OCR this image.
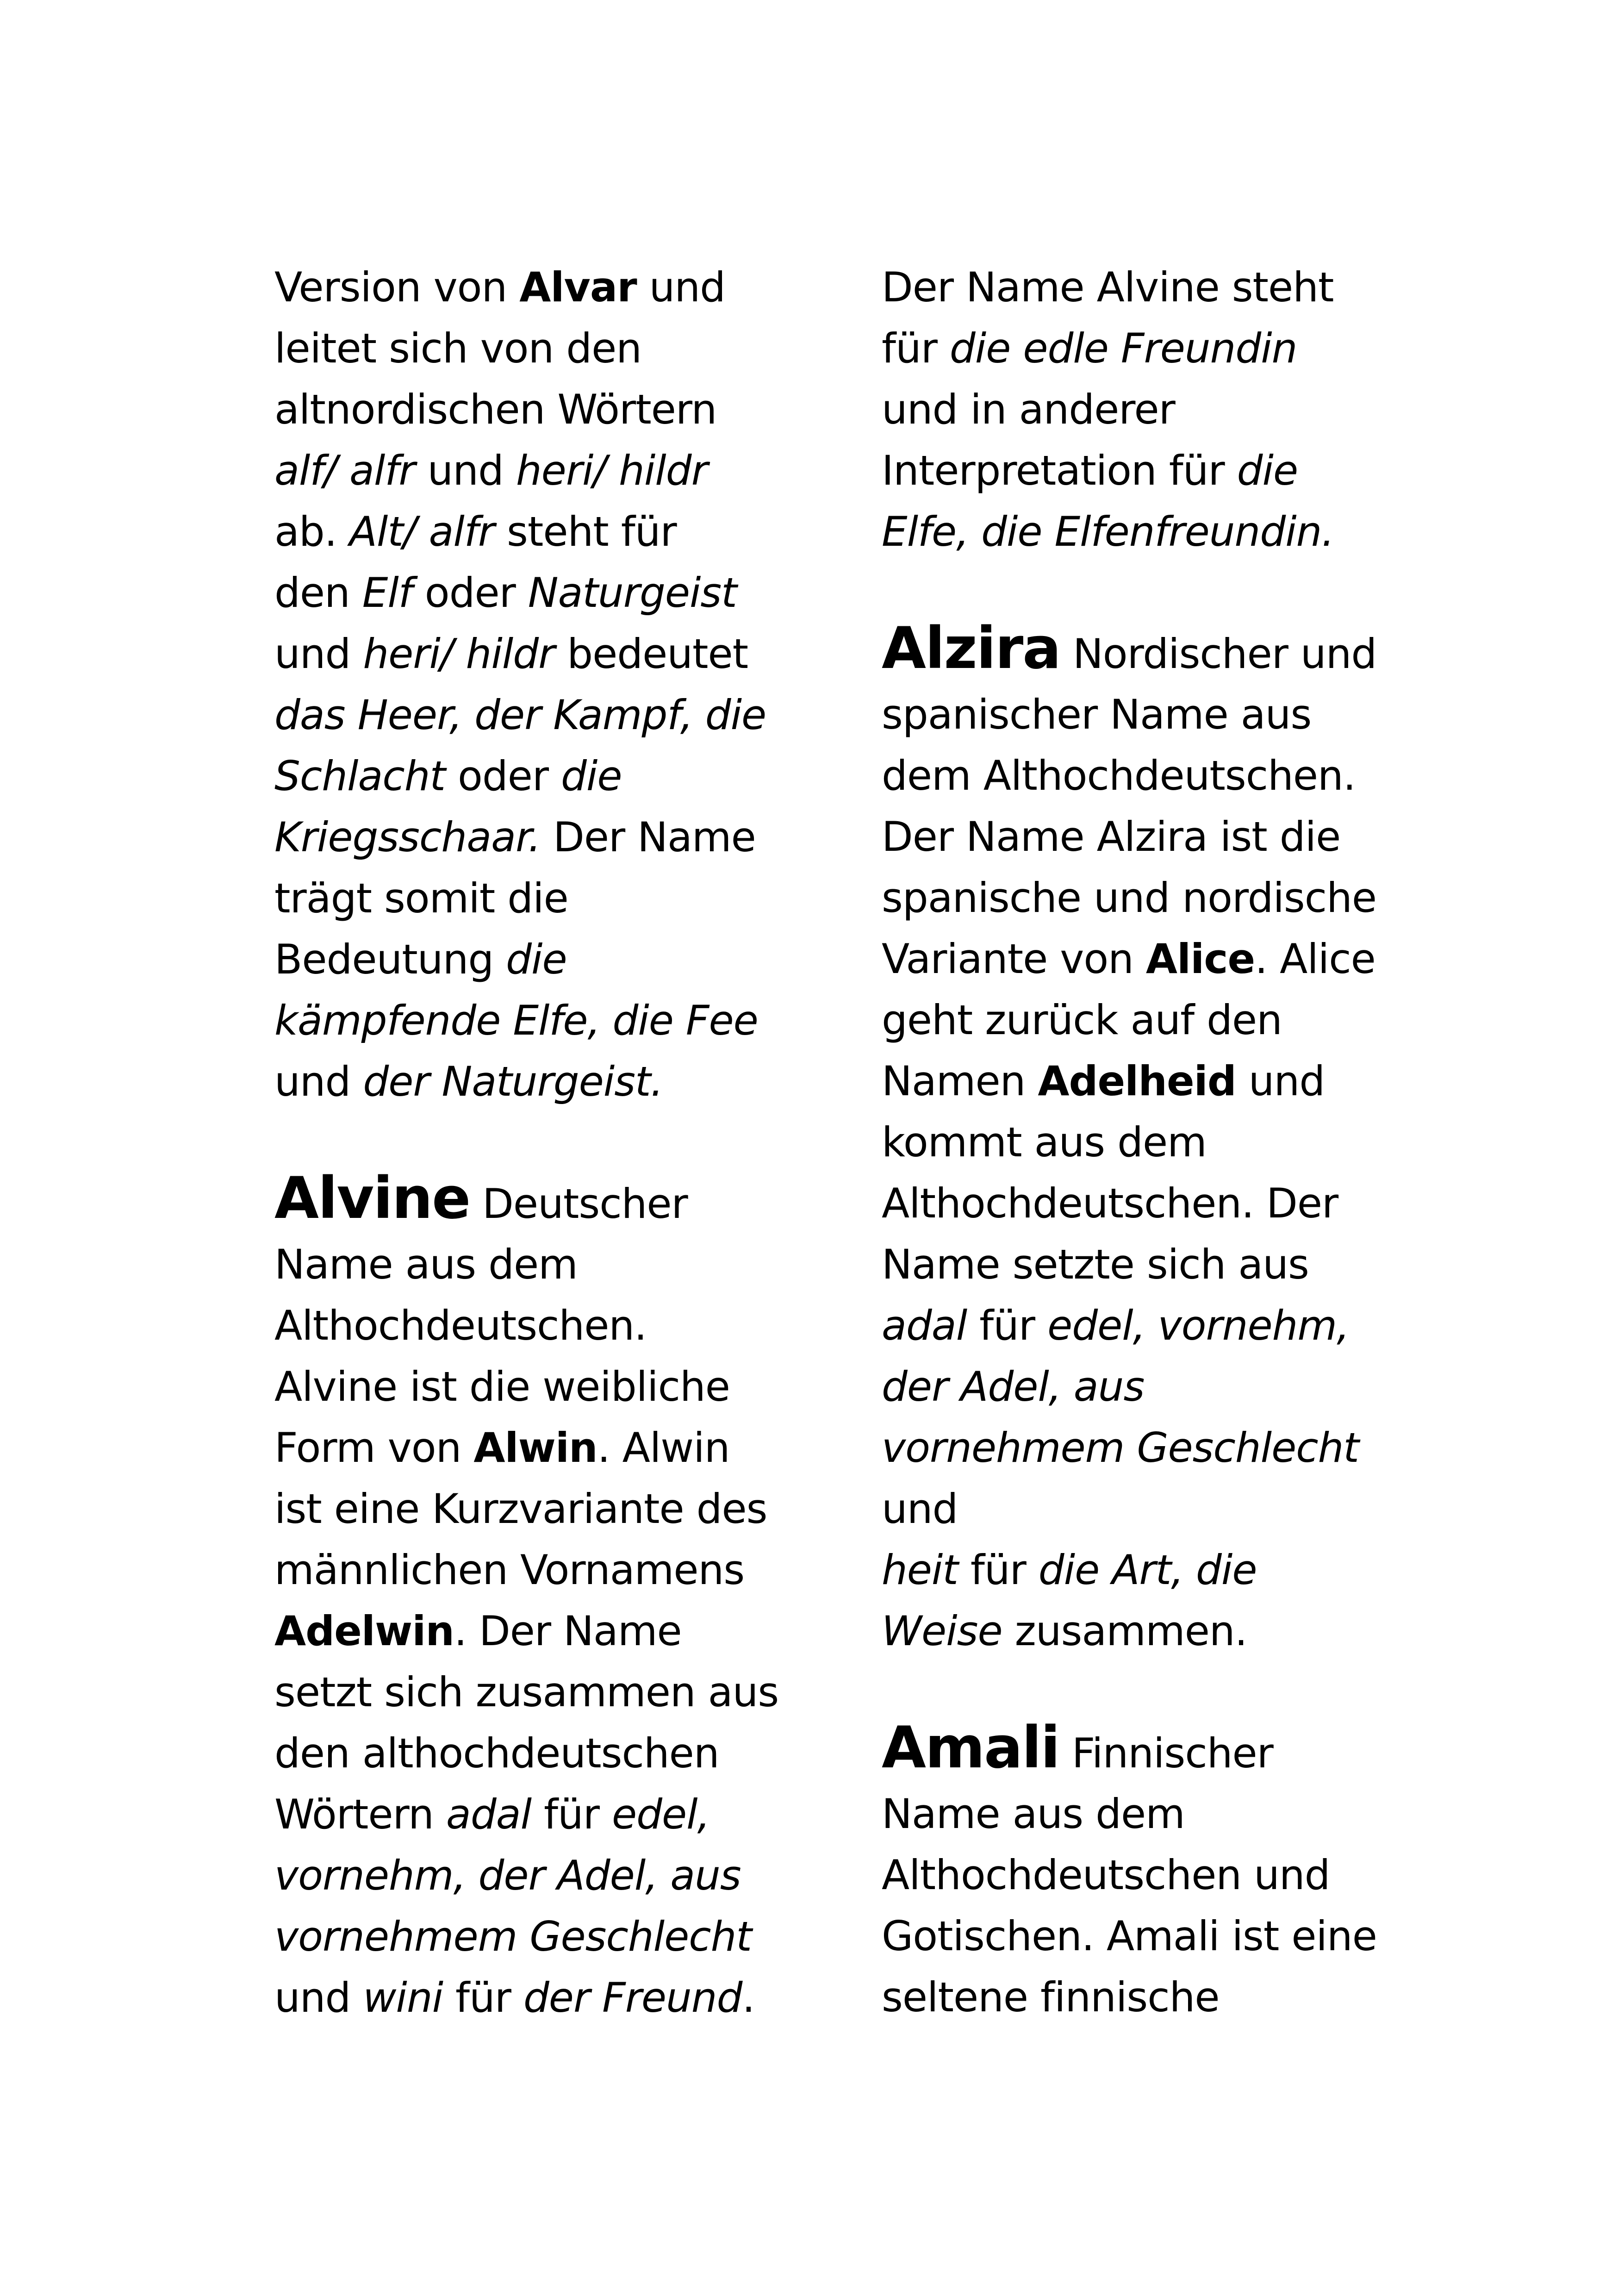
Version von Alvar und
leitet sich von den
altnordischen Wörtern
alf/ alfr und heri/ hildr
ab. Alt/ alfr steht für
den Elf oder Naturgeist
und heri/ hildr bedeutet
das Heer, der Kampf, die
Schlacht oder die
Kriegsschaar. Der Name
trägt somit die
Bedeutung die
kämpfende Elfe, die Fee
und der Naturgeist.
Alvine Deutscher
Name aus dem
Althochdeutschen.
Alvine ist die weibliche
Form von Alwin. Alwin
ist eine Kurzvariante des
männlichen Vornamens
Adelwin. Der Name
setzt sich zusammen aus
den althochdeutschen
Wörtern adal für edel,
vornehm, der Adel, aus
vornehmem Geschlecht
und wini für der Freund.
Der Name Alvine steht
für die edle Freundin
und in anderer
Interpretation für die
Elfe, die Elfenfreundin.
Alzira Nordischer und
spanischer Name aus
dem Althochdeutschen.
Der Name Alzira ist die
spanische und nordische
Variante von Alice. Alice
geht zurück auf den
Namen Adelheid und
kommt aus dem
Althochdeutschen. Der
Name setzte sich aus
adal für edel, vornehm,
der Adel, aus
vornehmem Geschlecht
und
heit für die Art, die
Weise zusammen.
Amali Finnischer
Name aus dem
Althochdeutschen und
Gotischen. Amali ist eine
seltene finnische
